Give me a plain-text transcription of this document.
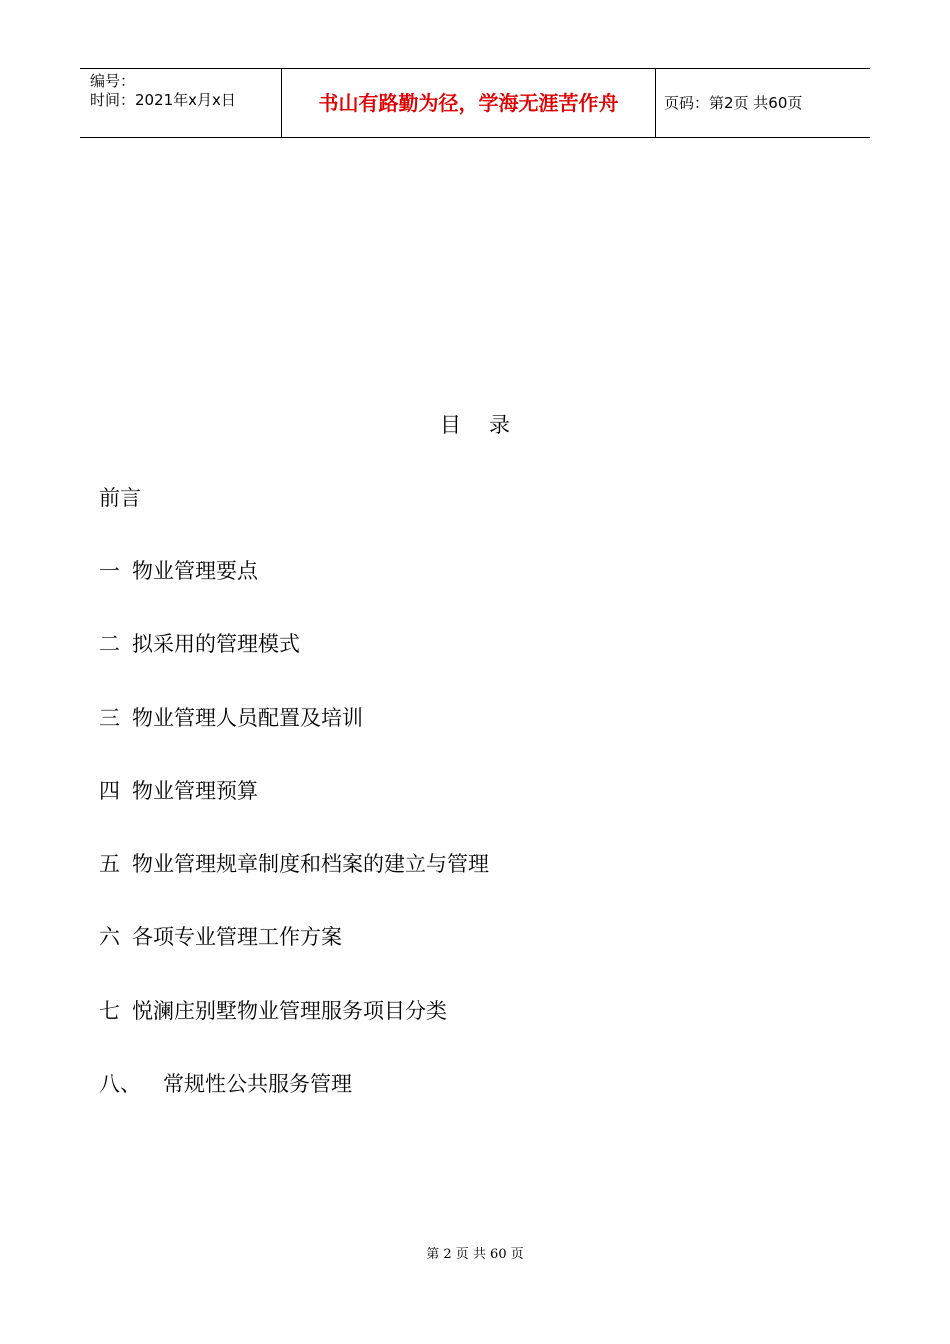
编号：
时间：2021年x月x日	书山有路勤为径，学海无涯苦作舟	页码：第2页 共60页
目录
前言
一 物业管理要点
二 拟采用的管理模式
三 物业管理人员配置及培训
四 物业管理预算
五 物业管理规章制度和档案的建立与管理
六 各项专业管理工作方案
七 悦澜庄别墅物业管理服务项目分类
八、 常规性公共服务管理
第 2 页 共 60 页
